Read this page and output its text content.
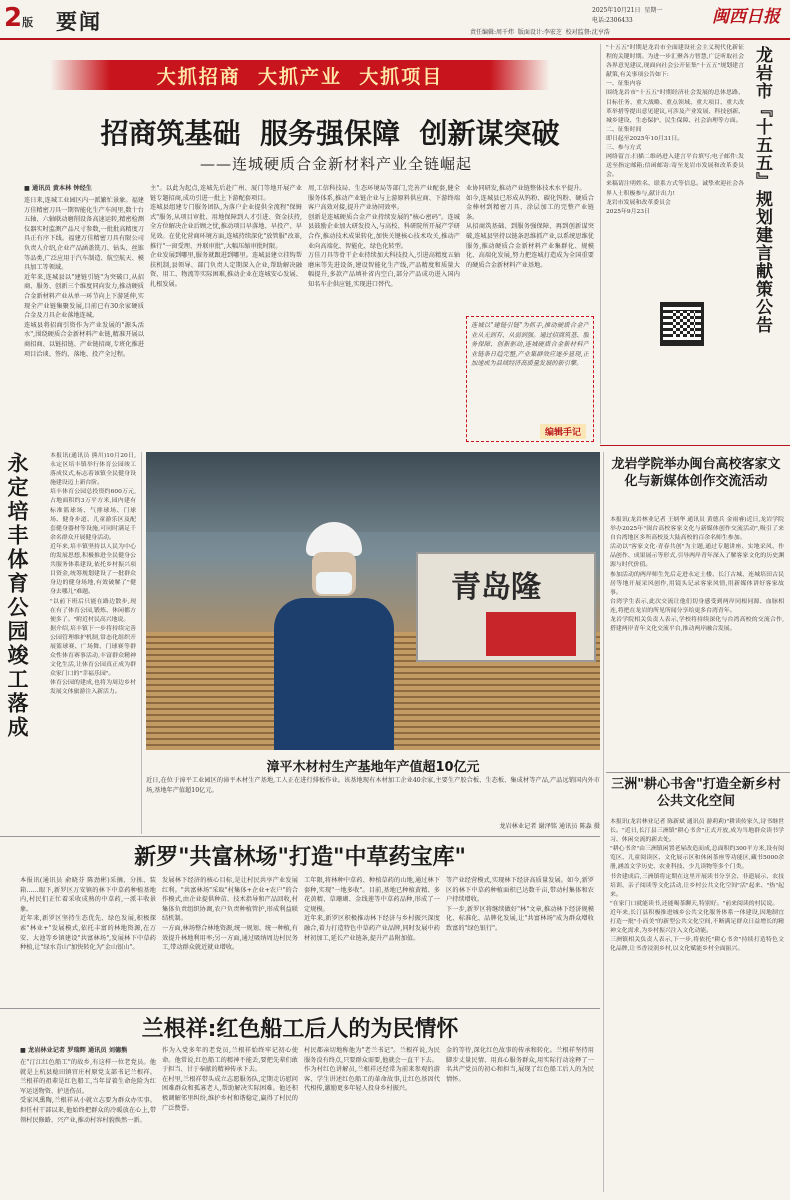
2版 要闻	2025年10月21日  星期一
电话:2306433
责任编辑:周千炜  版面设计:李宏芝  校对监督:沈亨浩
闽西日报
大抓招商  大抓产业  大抓项目
招商筑基础  服务强保障  创新谋突破
——连城硬质合金新材料产业全链崛起
■ 通讯员 黄本林 钟经生
连日来,连城工业园区内一派繁忙景象。福建万佳精密刀具一期智能化生产车间里,数十台五轴、六轴联动磨削设备高速运转,精密检测仪器实时监测产品尺寸参数,一批批高精度刀具正有序下线。福建万佳精密刀具有限公司负责人介绍,企业产品涵盖铣刀、钻头、丝锥等品类,广泛应用于汽车制造、航空航天、模具加工等领域。
近年来,连城县以"建链引链"为突破口,从招商、服务、创新三个维度同向发力,推动硬质合金新材料产业从单一环节向上下游延伸,实现全产业链集聚发展,目前已有30余家硬质合金及刀具企业落地连城。
连城县将招商引资作为产业发展的"源头活水",围绕硬质合金新材料产业链,精准开展以商招商、以链招链、产业链招商,专班化推进项目洽谈、签约、落地、投产全过程。
主"。以此为起点,连城先后赴广州、厦门等地开展产业链专题招商,成功引进一批上下游配套项目。
连城县组建专门服务团队,为落户企业提供全流程"保姆式"服务,从项目审批、用地保障到人才引进、资金扶持,全方位解决企业后顾之忧,推动项目早落地、早投产、早见效。在优化营商环境方面,连城持续深化"放管服"改革,推行"一窗受理、并联审批",大幅压缩审批时限。
企业发展到哪里,服务就跟进到哪里。连城县建立挂钩帮扶机制,县领导、部门负责人定期深入企业,帮助解决融资、用工、物流等实际困难,推动企业在连城安心发展、扎根发展。
周,工信科技局、生态环境局等部门,完善产业配套,健全服务体系,推动产业链企业与上游原料供应商、下游终端客户高效对接,提升产业协同效率。
创新是连城硬质合金产业持续发展的"核心密码"。连城县鼓励企业加大研发投入,与高校、科研院所开展产学研合作,推动技术成果转化,加快关键核心技术攻关,推动产业向高端化、智能化、绿色化转型。
万佳刀具等骨干企业持续加大科技投入,引进高精度五轴磨床等先进设备,建设智能化生产线,产品精度和质量大幅提升,多款产品填补省内空白,部分产品成功进入国内知名车企供应链,实现进口替代。
业协同研发,推动产业链整体技术水平提升。
如今,连城县已形成从钨粉、碳化钨粉、硬质合金棒材到精密刀具、涂层加工的完整产业链条。
从招商筑基础、到服务强保障、再到创新谋突破,连城县坚持以链条思维抓产业,以系统思维优服务,推动硬质合金新材料产业集群化、规模化、高端化发展,努力把连城打造成为全国重要的硬质合金新材料产业基地。
连城以"建链引链"为抓手,推动硬质合金产业从无到有、从弱到强。通过招商筑基、服务保障、创新驱动,连城硬质合金新材料产业链条日趋完整,产业集群效应逐步显现,正加速成为县域经济高质量发展的新引擎。
编辑手记
"十五五"时期是龙岩市全面建设社会主义现代化新征程的关键时期。为进一步汇聚各方智慧,广泛听取社会各界意见建议,现面向社会公开征集"十五五"规划建言献策,有关事项公告如下:
一、征集内容
围绕龙岩市"十五五"时期经济社会发展的总体思路、目标任务、重大战略、重点领域、重大项目、重大改革举措等提出意见建议,可涉及产业发展、科技创新、城乡建设、生态保护、民生保障、社会治理等方面。
二、征集时间
即日起至2025年10月31日。
三、参与方式
网络留言:扫描二维码进入建言平台填写;电子邮件:发送至指定邮箱;信函邮寄:寄至龙岩市发展和改革委员会。
来稿请注明姓名、联系方式等信息。诚挚欢迎社会各界人士积极参与,献计出力!
龙岩市发展和改革委员会
2025年9月23日	龙岩市『十五五』规划建言献策公告
永定培丰体育公园竣工落成	本报讯(通讯员 熊川)10月20日,永定区培丰镇举行体育公园竣工落成仪式,标志着该镇全民健身设施建设迈上新台阶。
培丰体育公园总投资约600万元,占地面积约3万平方米,园内建有标准篮球场、气排球场、门球场、健身步道、儿童游乐区及配套健身器材等设施,可同时满足千余名群众开展健身活动。
近年来,培丰镇坚持以人民为中心的发展思想,积极推进全民健身公共服务体系建设,依托乡村振兴项目资金,统筹规划建设了一批群众身边的健身场地,有效破解了"健身去哪儿"难题。
"以前下班后只能在路边散步,现在有了体育公园,锻炼、休闲都方便多了。"附近村民高兴地说。
据介绍,培丰镇下一步将持续完善公园管理维护机制,常态化组织开展篮球赛、广场舞、门球赛等群众性体育赛事活动,丰富群众精神文化生活,让体育公园真正成为群众家门口的"幸福乐园"。
体育公园的建成,也将为周边乡村发展文体旅游注入新活力。
青岛隆
漳平木材村生产基地年产值超10亿元
近日,在位于漳平工业园区的漳平木材生产基地,工人正在进行排板作业。该基地现有木材加工企业40余家,主要生产胶合板、生态板、集成材等产品,产品远销国内外市场,基地年产值超10亿元。
龙岩林业记者 谢泽铭 通讯员 陈淼 摄
龙岩学院举办闽台高校客家文化与新媒体创作交流活动
本报讯(龙岩林业记者 王炳华 通讯员 黄德兵 金雨睿)近日,龙岩学院举办2025年"闽台高校客家文化与新媒体创作交流活动",吸引了来自台湾地区多所高校及大陆高校的百余名师生参加。
活动以"客家文化·青春共创"为主题,通过专题讲座、实地采风、作品创作、成果展示等形式,引导两岸青年深入了解客家文化的历史渊源与时代价值。
参加活动的两岸师生先后走进永定土楼、长汀古城、连城培田古民居等地开展采风创作,用镜头记录客家风情,用新媒体讲好客家故事。
台湾学生表示,此次交流让他们切身感受到两岸同根同源、血脉相连,将把在龙岩的所见所闻分享给更多台湾青年。
龙岩学院相关负责人表示,学校将持续深化与台湾高校的交流合作,搭建两岸青年文化交流平台,推动两岸融合发展。
三洲"耕心书舍"打造全新乡村公共文化空间
本报讯(龙岩林业记者 陈新斌 通讯员 游莉莉)"耕读传家久,诗书继世长。"近日,长汀县三洲镇"耕心书舍"正式开放,成为当地群众读书学习、休闲交流的新去处。
"耕心书舍"由三洲镇闲置老屋改造而成,总面积约300平方米,设有阅览区、儿童阅读区、文化展示区和休闲茶座等功能区,藏书5000余册,涵盖文学历史、农业科技、少儿读物等多个门类。
书舍建成后,三洲镇将定期在这里开展读书分享会、非遗展示、农技培训、亲子阅读等文化活动,让乡村公共文化空间"活"起来、"热"起来。
"在家门口就能读书,还能喝茶聊天,特别好。"前来阅读的村民说。
近年来,长汀县积极推进城乡公共文化服务体系一体建设,因地制宜打造一批"小而美"的新型公共文化空间,不断满足群众日益增长的精神文化需求,为乡村振兴注入文化动能。
三洲镇相关负责人表示,下一步,将依托"耕心书舍"持续打造特色文化品牌,让书香浸润乡村,以文化赋能乡村全面振兴。
新罗"共富林场"打造"中草药宝库"
本报讯(通讯员 俞晓芬 陈劲彬)采摘、分拣、装箱……眼下,新罗区万安镇的林下中草药种植基地内,村民们正忙着采收成熟的中草药,一派丰收景象。
近年来,新罗区坚持生态优先、绿色发展,积极探索"林业+"发展模式,依托丰富的林地资源,在万安、大池等乡镇建设"共富林场",发展林下中草药种植,让"绿水青山"加快转化为"金山银山"。
发展林下经济的核心目标,是让村民共享产业发展红利。"共富林场"采取"村集体+企业+农户"的合作模式,由企业提供种苗、技术指导和产品回收,村集体负责组织协调,农户负责种植管护,形成利益联结机制。
一方面,林场整合林地资源,统一规划、统一种植,有效提升林地利用率;另一方面,通过吸纳周边村民务工,带动群众就近就业增收。
工年限,将林种中草药、种植草药的山地,通过林下套种,实现"一地多收"。目前,基地已种植黄精、多花黄精、草珊瑚、金线莲等中草药品种,形成了一定规模。
近年来,新罗区积极推动林下经济与乡村振兴深度融合,着力打造特色中草药产业品牌,同时发展中药材初加工,延长产业链条,提升产品附加值。
等产业经营模式,实现林下经济高质量发展。如今,新罗区的林下中草药种植面积已达数千亩,带动村集体和农户持续增收。
下一步,新罗区将继续做好"林"文章,推动林下经济规模化、标准化、品牌化发展,让"共富林场"成为群众增收致富的"绿色银行"。
兰根祥:红色船工后人的为民情怀
■ 龙岩林业记者 罗瑞辉 通讯员 刘德熊
在"汀江红色船工"的故乡,有这样一位老党员。他就是上杭县稔田镇官庄村原党支部书记兰根祥。兰根祥的祖辈是红色船工,当年冒着生命危险为红军运送物资、护送伤员。
受家风熏陶,兰根祥从小就立志要为群众办实事。担任村干部以来,他始终把群众的冷暖放在心上,带领村民修路、兴产业,推动村容村貌焕然一新。
作为入党多年的老党员,兰根祥始终牢记初心使命。他常说,红色船工的精神不能丢,要把先辈们敢于担当、甘于奉献的精神传承下去。
在村里,兰根祥带头成立志愿服务队,定期走访慰问困难群众和孤寡老人,帮助解决实际困难。他还积极调解邻里纠纷,维护乡村和谐稳定,赢得了村民的广泛赞誉。
村民都亲切地称他为"老兰书记"。兰根祥说,为民服务没有终点,只要群众需要,他就会一直干下去。
作为村红色讲解员,兰根祥还经常为前来参观的游客、学生讲述红色船工的革命故事,让红色基因代代相传,激励更多年轻人投身乡村振兴。
金的等待,深化红色故事的传承和转化。兰根祥坚持用脚步丈量民情、用真心服务群众,用实际行动诠释了一名共产党员的初心和担当,展现了红色船工后人的为民情怀。
